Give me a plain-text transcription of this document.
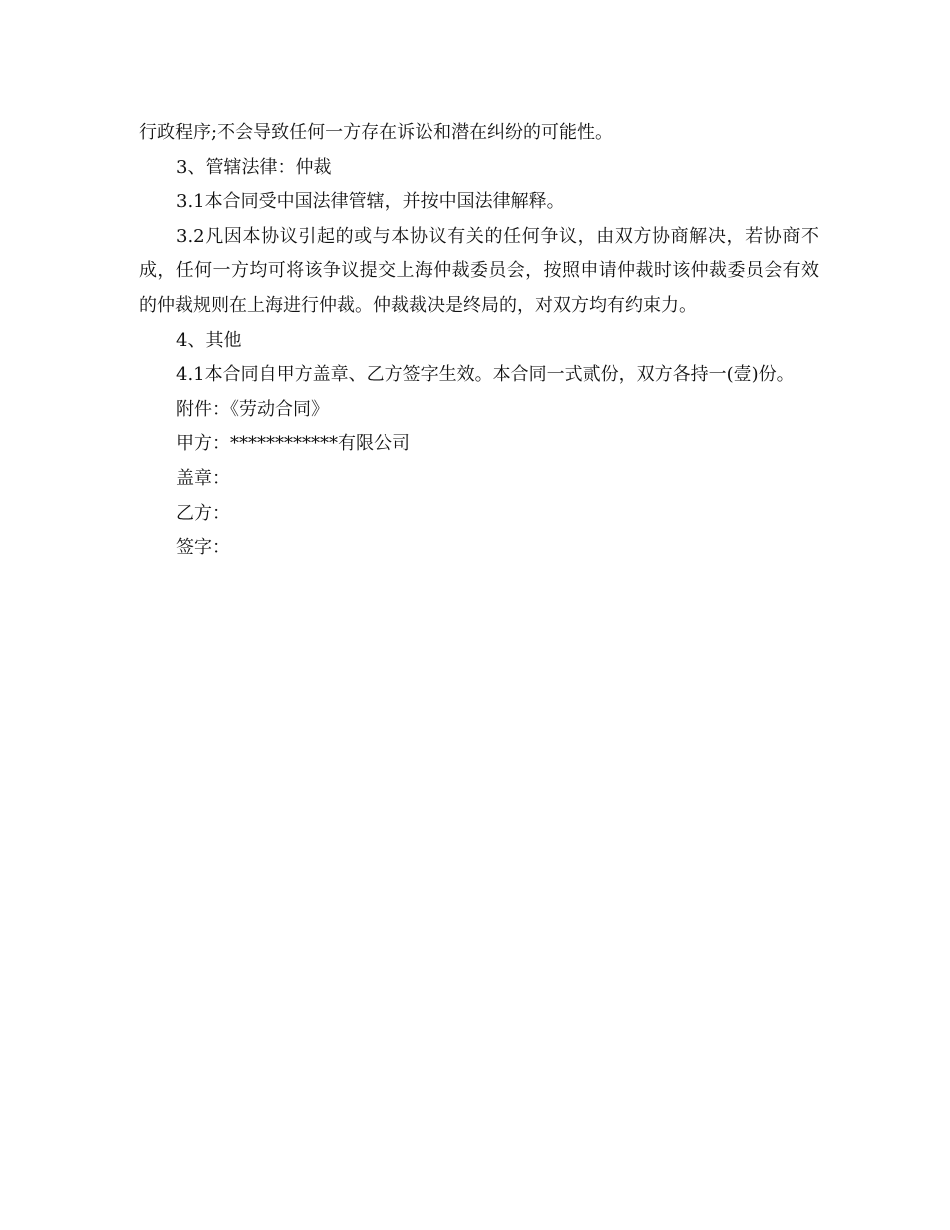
行政程序;不会导致任何一方存在诉讼和潜在纠纷的可能性。

3、管辖法律：仲裁

3.1本合同受中国法律管辖，并按中国法律解释。

3.2凡因本协议引起的或与本协议有关的任何争议，由双方协商解决，若协商不成，任何一方均可将该争议提交上海仲裁委员会，按照申请仲裁时该仲裁委员会有效的仲裁规则在上海进行仲裁。仲裁裁决是终局的，对双方均有约束力。

4、其他

4.1本合同自甲方盖章、乙方签字生效。本合同一式贰份，双方各持一(壹)份。

附件：《劳动合同》

甲方：************有限公司

盖章：

乙方：

签字：
